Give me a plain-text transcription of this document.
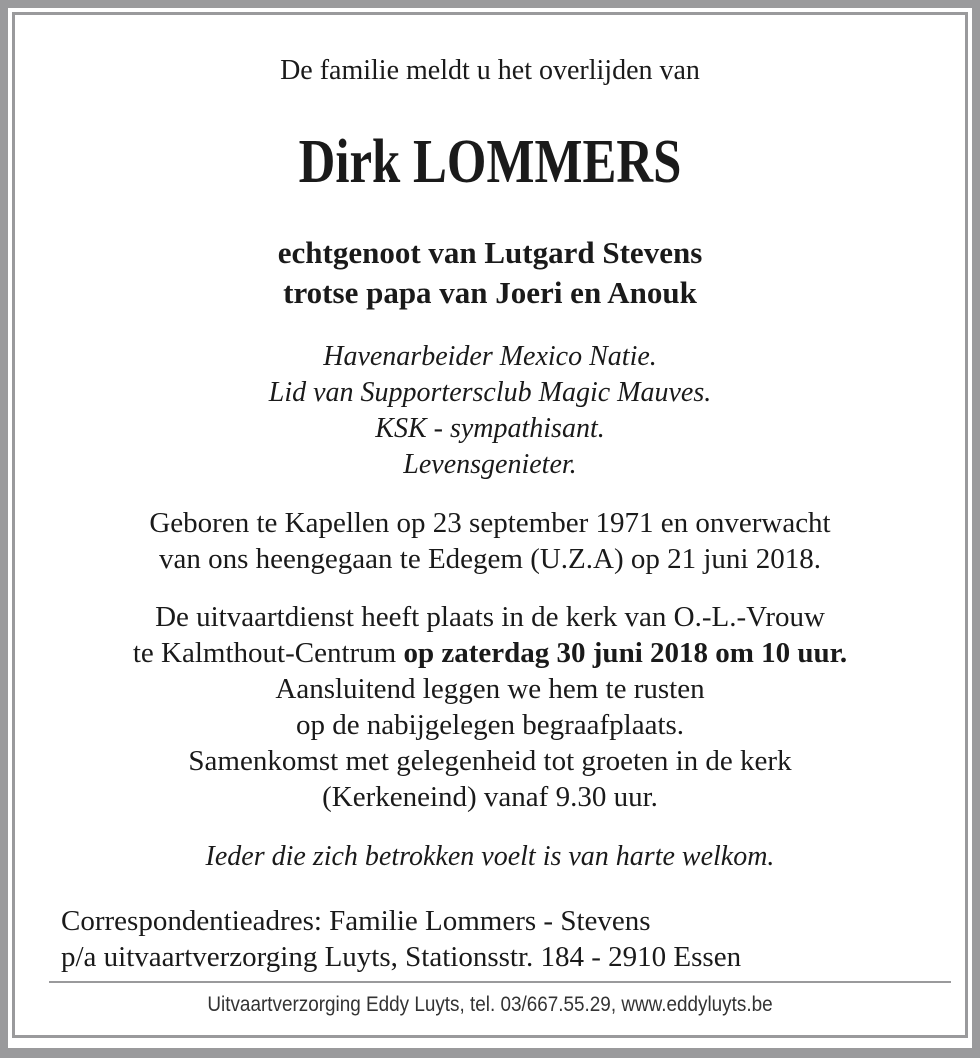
De familie meldt u het overlijden van
Dirk LOMMERS
echtgenoot van Lutgard Stevens
trotse papa van Joeri en Anouk
Havenarbeider Mexico Natie.
Lid van Supportersclub Magic Mauves.
KSK - sympathisant.
Levensgenieter.
Geboren te Kapellen op 23 september 1971 en onverwacht
van ons heengegaan te Edegem (U.Z.A) op 21 juni 2018.
De uitvaartdienst heeft plaats in de kerk van O.-L.-Vrouw
te Kalmthout-Centrum op zaterdag 30 juni 2018 om 10 uur.
Aansluitend leggen we hem te rusten
op de nabijgelegen begraafplaats.
Samenkomst met gelegenheid tot groeten in de kerk
(Kerkeneind) vanaf 9.30 uur.
Ieder die zich betrokken voelt is van harte welkom.
Correspondentieadres: Familie Lommers - Stevens
p/a uitvaartverzorging Luyts, Stationsstr. 184 - 2910 Essen
Uitvaartverzorging Eddy Luyts, tel. 03/667.55.29, www.eddyluyts.be
